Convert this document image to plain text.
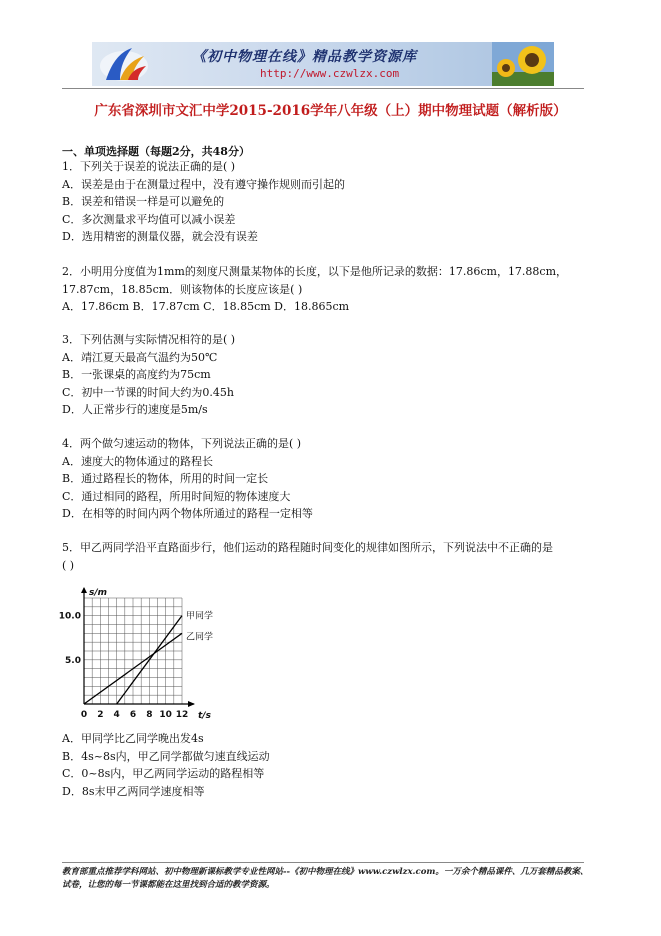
《初中物理在线》精品教学资源库
http://www.czwlzx.com
广东省深圳市文汇中学2015-2016学年八年级（上）期中物理试题（解析版）
一、单项选择题（每题2分，共48分）
1．下列关于误差的说法正确的是( )
A．误差是由于在测量过程中，没有遵守操作规则而引起的
B．误差和错误一样是可以避免的
C．多次测量求平均值可以减小误差
D．选用精密的测量仪器，就会没有误差
2．小明用分度值为1mm的刻度尺测量某物体的长度，以下是他所记录的数据：17.86cm，17.88cm，
17.87cm，18.85cm．则该物体的长度应该是( )
A．17.86cm B．17.87cm C．18.85cm D．18.865cm
3．下列估测与实际情况相符的是( )
A．靖江夏天最高气温约为50℃
B．一张课桌的高度约为75cm
C．初中一节课的时间大约为0.45h
D．人正常步行的速度是5m/s
4．两个做匀速运动的物体，下列说法正确的是( )
A．速度大的物体通过的路程长
B．通过路程长的物体，所用的时间一定长
C．通过相同的路程，所用时间短的物体速度大
D．在相等的时间内两个物体所通过的路程一定相等
5．甲乙两同学沿平直路面步行，他们运动的路程随时间变化的规律如图所示，下列说法中不正确的是
( )
A．甲同学比乙同学晚出发4s
B．4s~8s内，甲乙同学都做匀速直线运动
C．0~8s内，甲乙两同学运动的路程相等
D．8s末甲乙两同学速度相等
s/m
t/s
10.0
5.0
0 2 4 6 8 10 12
甲同学
乙同学
教育部重点推荐学科网站、初中物理新课标教学专业性网站--《初中物理在线》www.czwlzx.com。一万余个精品课件、几万套精品教案、试卷，让您的每一节课都能在这里找到合适的教学资源。
